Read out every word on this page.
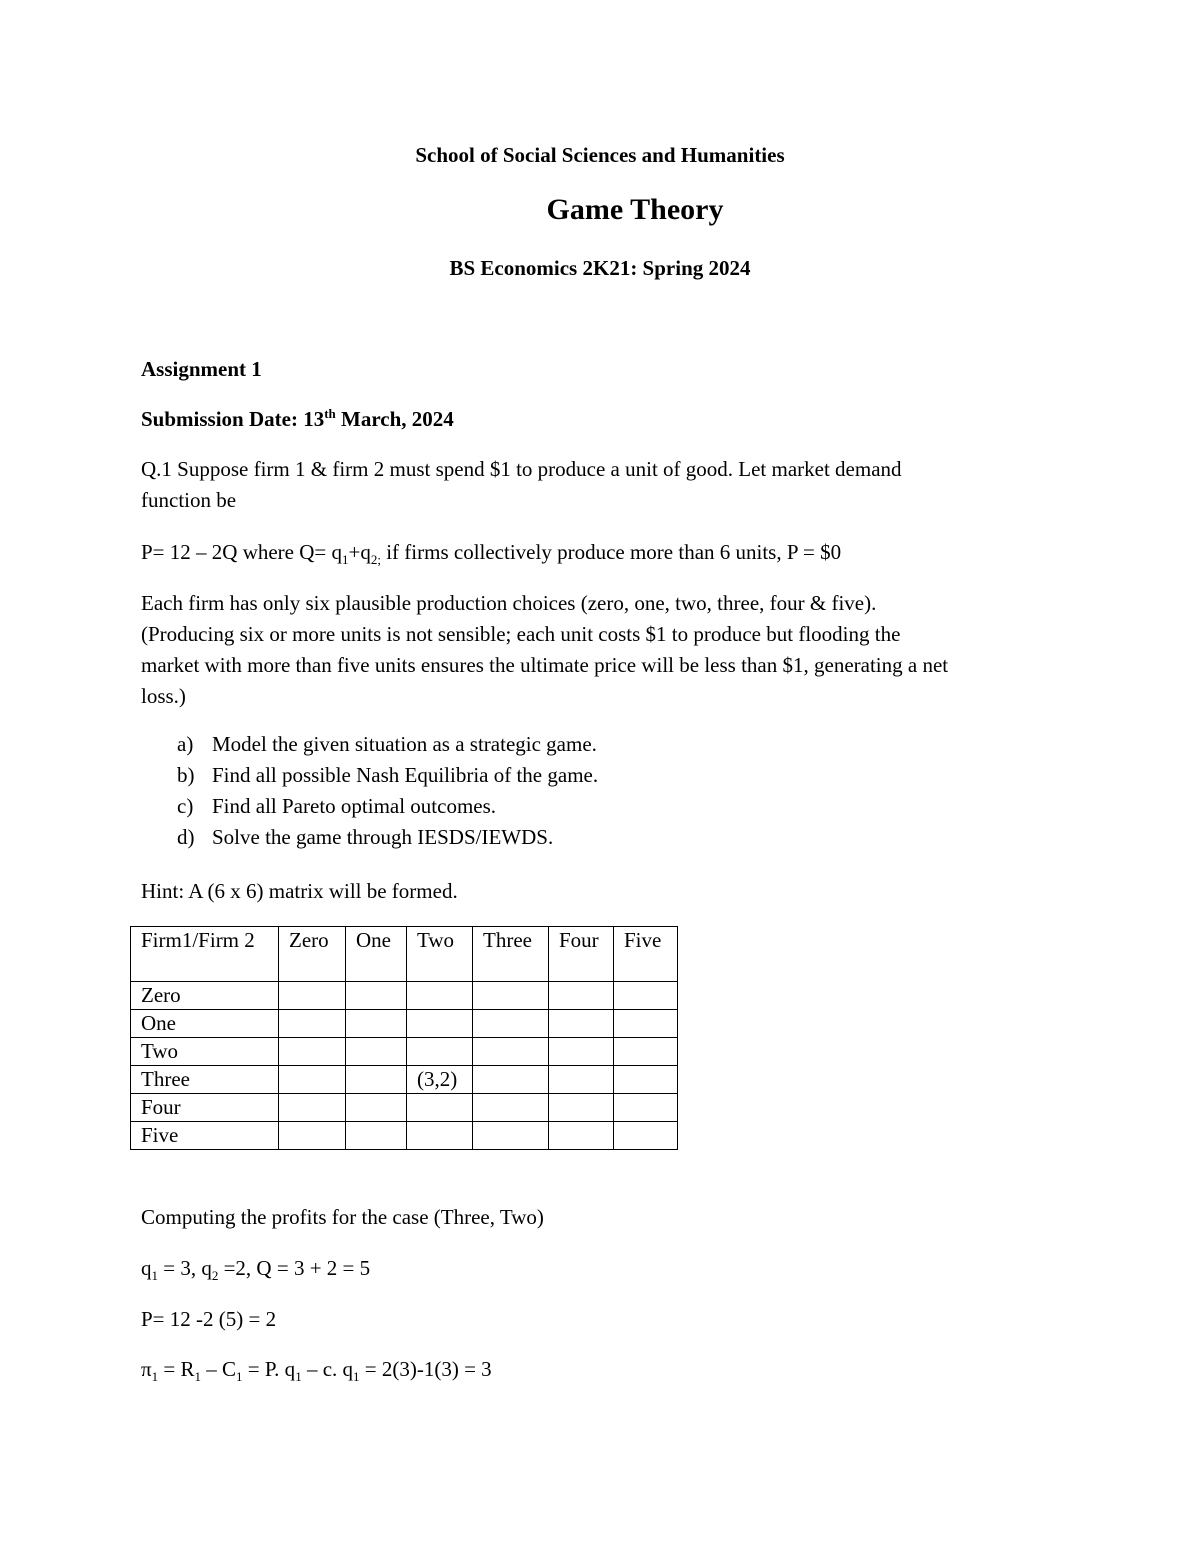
School of Social Sciences and Humanities
Game Theory
BS Economics 2K21: Spring 2024
Assignment 1
Submission Date: 13th March, 2024
Q.1 Suppose firm 1 & firm 2 must spend $1 to produce a unit of good. Let market demand
function be
P= 12 – 2Q where $Q= q_1+q_{2;}$ if firms collectively produce more than 6 units, P = $0
Each firm has only six plausible production choices (zero, one, two, three, four & five).
(Producing six or more units is not sensible; each unit costs $1 to produce but flooding the
market with more than five units ensures the ultimate price will be less than $1, generating a net
loss.)
a) Model the given situation as a strategic game.
b) Find all possible Nash Equilibria of the game.
c) Find all Pareto optimal outcomes.
d) Solve the game through IESDS/IEWDS.
Hint: A (6 x 6) matrix will be formed.
Firm1/Firm 2	Zero	One	Two	Three	Four	Five
Zero						
One						
Two						
Three			(3,2)			
Four						
Five						
Computing the profits for the case (Three, Two)
$q_1 = 3$, $q_2 =2$, Q = 3 + 2 = 5
P= 12 -2 (5) = 2
$\pi_1 = R_1 - C_1 = P$. $q_1$ – c. $q_1 = 2(3)-1(3) = 3$
